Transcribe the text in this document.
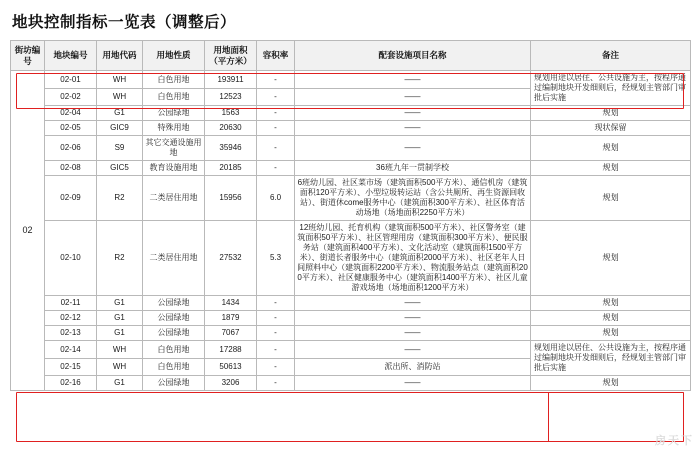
地块控制指标一览表（调整后）
街坊编号	地块编号	用地代码	用地性质	用地面积（平方米）	容积率	配套设施项目名称	备注
02	02-01	WH	白色用地	193911	-	——	规划用途以居住、公共设施为主，按程序通过编制地块开发细则后，经规划主管部门审批后实施
	02-02	WH	白色用地	12523	-	——	
	02-04	G1	公园绿地	1563	-	——	规划
	02-05	GIC9	特殊用地	20630	-	——	现状保留
	02-06	S9	其它交通设施用地	35946	-	——	规划
	02-08	GIC5	教育设施用地	20185	-	36班九年一贯制学校	规划
	02-09	R2	二类居住用地	15956	6.0	6班幼儿园、社区菜市场（建筑面积500平方米）、通信机房（建筑面积120平方米）、小型垃圾转运站（含公共厕所、再生资源回收站）、街道休come服务中心（建筑面积300平方米）、社区体育活动场地（场地面积2250平方米）	规划
	02-10	R2	二类居住用地	27532	5.3	12班幼儿园、托育机构（建筑面积500平方米）、社区警务室（建筑面积50平方米）、社区管理用房（建筑面积300平方米）、便民服务站（建筑面积400平方米）、文化活动室（建筑面积1500平方米）、街道长者服务中心（建筑面积2000平方米）、社区老年人日间照料中心（建筑面积2200平方米）、物流服务站点（建筑面积200平方米）、社区健康服务中心（建筑面积1400平方米）、社区儿童游戏场地（场地面积1200平方米）	规划
	02-11	G1	公园绿地	1434	-	——	规划
	02-12	G1	公园绿地	1879	-	——	规划
	02-13	G1	公园绿地	7067	-	——	规划
	02-14	WH	白色用地	17288	-	——	规划用途以居住、公共设施为主，按程序通过编制地块开发细则后，经规划主管部门审批后实施
	02-15	WH	白色用地	50613	-	派出所、消防站	
	02-16	G1	公园绿地	3206	-	——	规划
房天下
